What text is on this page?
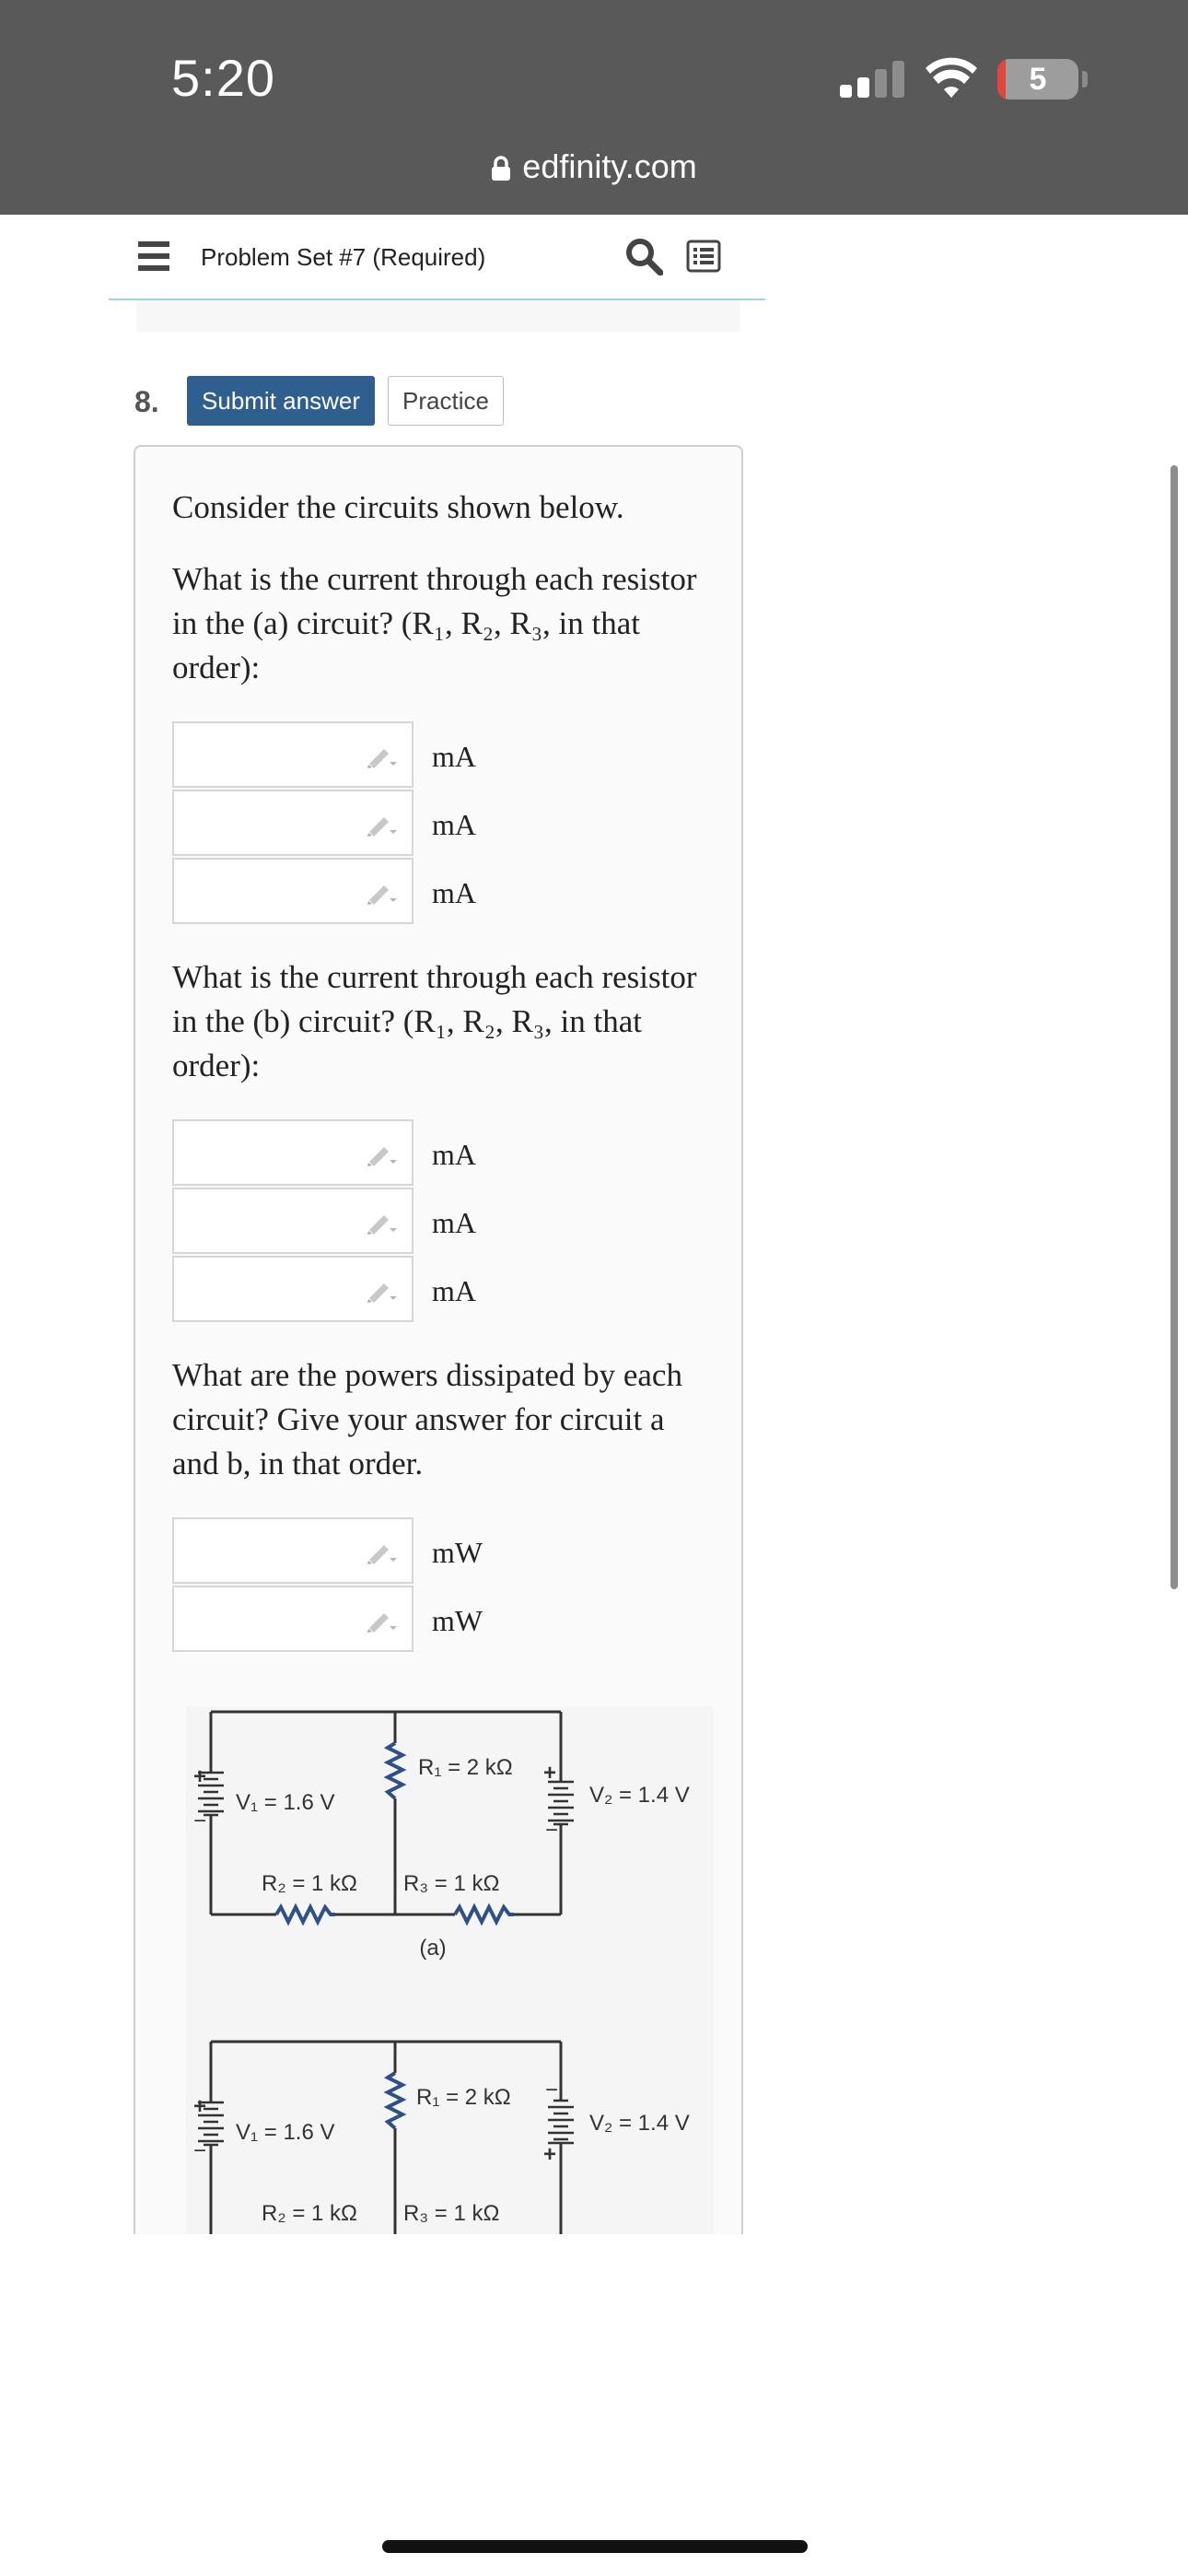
5:20	5
edfinity.com
Problem Set #7 (Required)
8.	Submit answer	Practice
Consider the circuits shown below.
What is the current through each resistor in the (a) circuit? (R₁, R₂, R₃, in that order):
mA
mA
mA
What is the current through each resistor in the (b) circuit? (R₁, R₂, R₃, in that order):
mA
mA
mA
What are the powers dissipated by each circuit? Give your answer for circuit a and b, in that order.
mW
mW
+
−
+
−
V₁ = 1.6 V	V₂ = 1.4 V
R₁ = 2 kΩ
R₂ = 1 kΩ R₃ = 1 kΩ
(a)
+
−
−
+
V₁ = 1.6 V	V₂ = 1.4 V
R₁ = 2 kΩ
R₂ = 1 kΩ R₃ = 1 kΩ
